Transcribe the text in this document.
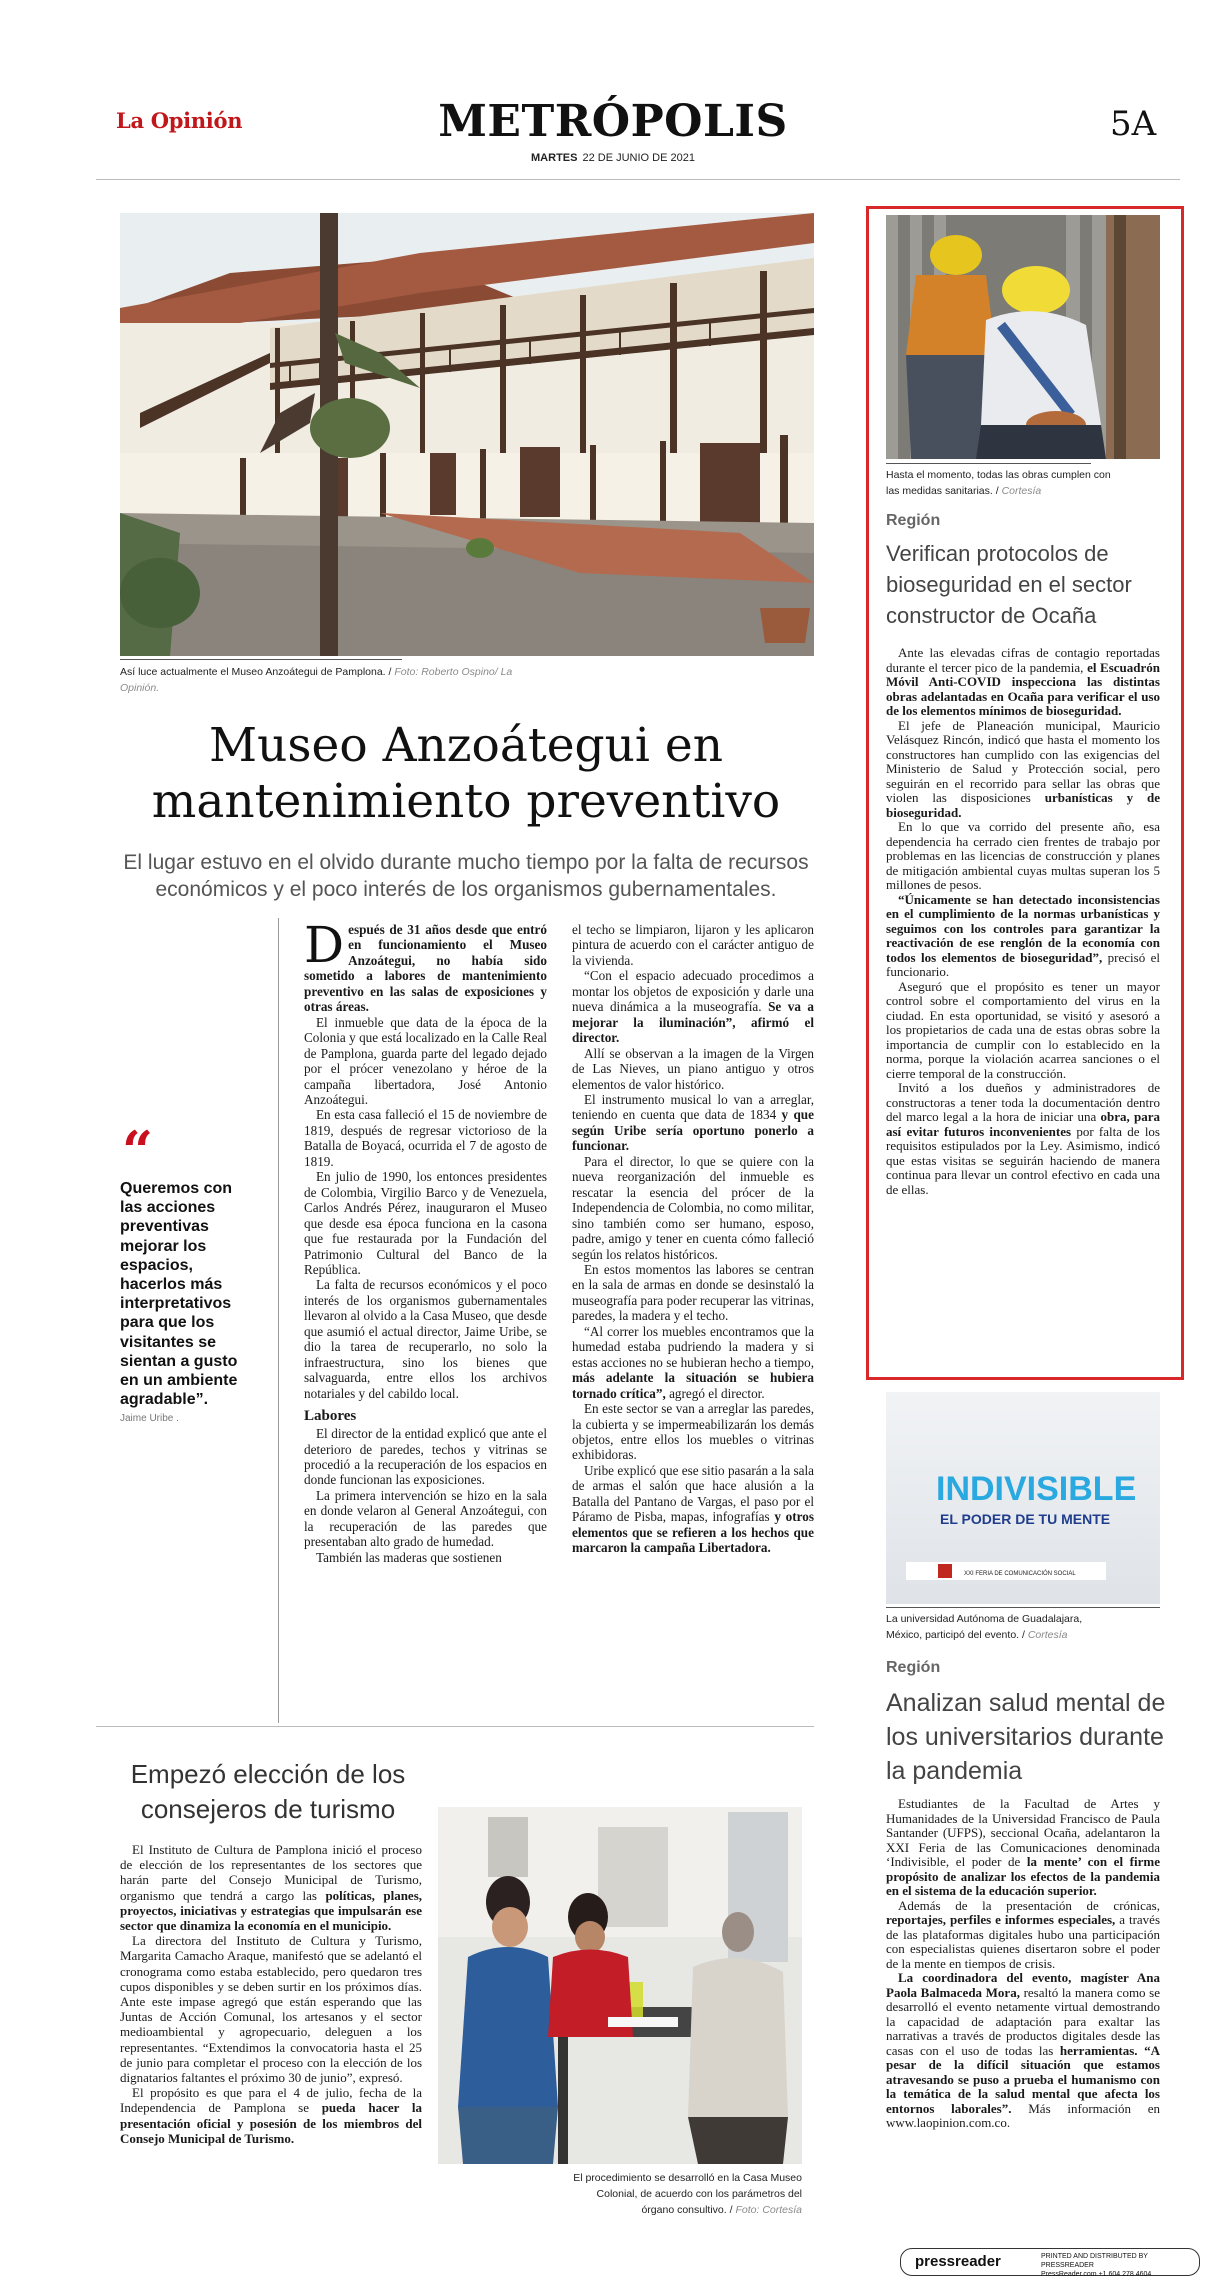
La Opinión	METRÓPOLIS	5A
MARTES 22 DE JUNIO DE 2021
Así luce actualmente el Museo Anzoátegui de Pamplona. / Foto: Roberto Ospino/ La Opinión.
Museo Anzoátegui en mantenimiento preventivo
El lugar estuvo en el olvido durante mucho tiempo por la falta de recursos económicos y el poco interés de los organismos gubernamentales.
“
Queremos con las acciones preventivas mejorar los espacios, hacerlos más interpretativos para que los visitantes se sientan a gusto en un ambiente agradable”.
Jaime Uribe .

Después de 31 años desde que entró en funcionamiento el Museo Anzoátegui, no había sido sometido a labores de mantenimiento preventivo en las salas de exposiciones y otras áreas.

El inmueble que data de la época de la Colonia y que está localizado en la Calle Real de Pamplona, guarda parte del legado dejado por el prócer venezolano y héroe de la campaña libertadora, José Antonio Anzoátegui.

En esta casa falleció el 15 de noviembre de 1819, después de regresar victorioso de la Batalla de Boyacá, ocurrida el 7 de agosto de 1819.

En julio de 1990, los entonces presidentes de Colombia, Virgilio Barco y de Venezuela, Carlos Andrés Pérez, inauguraron el Museo que desde esa época funciona en la casona que fue restaurada por la Fundación del Patrimonio Cultural del Banco de la República.

La falta de recursos económicos y el poco interés de los organismos gubernamentales llevaron al olvido a la Casa Museo, que desde que asumió el actual director, Jaime Uribe, se dio la tarea de recuperarlo, no solo la infraestructura, sino los bienes que salvaguarda, entre ellos los archivos notariales y del cabildo local.

Labores

El director de la entidad explicó que ante el deterioro de paredes, techos y vitrinas se procedió a la recuperación de los espacios en donde funcionan las exposiciones.

La primera intervención se hizo en la sala en donde velaron al General Anzoátegui, con la recuperación de las paredes que presentaban alto grado de humedad.

También las maderas que sostienen

el techo se limpiaron, lijaron y les aplicaron pintura de acuerdo con el carácter antiguo de la vivienda.

“Con el espacio adecuado procedimos a montar los objetos de exposición y darle una nueva dinámica a la museografía. Se va a mejorar la iluminación”, afirmó el director.

Allí se observan a la imagen de la Virgen de Las Nieves, un piano antiguo y otros elementos de valor histórico.

El instrumento musical lo van a arreglar, teniendo en cuenta que data de 1834 y que según Uribe sería oportuno ponerlo a funcionar.

Para el director, lo que se quiere con la nueva reorganización del inmueble es rescatar la esencia del prócer de la Independencia de Colombia, no como militar, sino también como ser humano, esposo, padre, amigo y tener en cuenta cómo falleció según los relatos históricos.

En estos momentos las labores se centran en la sala de armas en donde se desinstaló la museografía para poder recuperar las vitrinas, paredes, la madera y el techo.

“Al correr los muebles encontramos que la humedad estaba pudriendo la madera y si estas acciones no se hubieran hecho a tiempo, más adelante la situación se hubiera tornado crítica”, agregó el director.

En este sector se van a arreglar las paredes, la cubierta y se impermeabilizarán los demás objetos, entre ellos los muebles o vitrinas exhibidoras.

Uribe explicó que ese sitio pasarán a la sala de armas el salón que hace alusión a la Batalla del Pantano de Vargas, el paso por el Páramo de Pisba, mapas, infografías y otros elementos que se refieren a los hechos que marcaron la campaña Libertadora.

Empezó elección de los consejeros de turismo

El Instituto de Cultura de Pamplona inició el proceso de elección de los representantes de los sectores que harán parte del Consejo Municipal de Turismo, organismo que tendrá a cargo las políticas, planes, proyectos, iniciativas y estrategias que impulsarán ese sector que dinamiza la economía en el municipio.

La directora del Instituto de Cultura y Turismo, Margarita Camacho Araque, manifestó que se adelantó el cronograma como estaba establecido, pero quedaron tres cupos disponibles y se deben surtir en los próximos días. Ante este impase agregó que están esperando que las Juntas de Acción Comunal, los artesanos y el sector medioambiental y agropecuario, deleguen a los representantes. “Extendimos la convocatoria hasta el 25 de junio para completar el proceso con la elección de los dignatarios faltantes el próximo 30 de junio”, expresó.

El propósito es que para el 4 de julio, fecha de la Independencia de Pamplona se pueda hacer la presentación oficial y posesión de los miembros del Consejo Municipal de Turismo.

El procedimiento se desarrolló en la Casa Museo Colonial, de acuerdo con los parámetros del órgano consultivo. / Foto: Cortesía
Hasta el momento, todas las obras cumplen con las medidas sanitarias. / Cortesía
Región
Verifican protocolos de bioseguridad en el sector constructor de Ocaña

Ante las elevadas cifras de contagio reportadas durante el tercer pico de la pandemia, el Escuadrón Móvil Anti-COVID inspecciona las distintas obras adelantadas en Ocaña para verificar el uso de los elementos mínimos de bioseguridad.

El jefe de Planeación municipal, Mauricio Velásquez Rincón, indicó que hasta el momento los constructores han cumplido con las exigencias del Ministerio de Salud y Protección social, pero seguirán en el recorrido para sellar las obras que violen las disposiciones urbanísticas y de bioseguridad.

En lo que va corrido del presente año, esa dependencia ha cerrado cien frentes de trabajo por problemas en las licencias de construcción y planes de mitigación ambiental cuyas multas superan los 5 millones de pesos.

“Únicamente se han detectado inconsistencias en el cumplimiento de la normas urbanísticas y seguimos con los controles para garantizar la reactivación de ese renglón de la economía con todos los elementos de bioseguridad”, precisó el funcionario.

Aseguró que el propósito es tener un mayor control sobre el comportamiento del virus en la ciudad. En esta oportunidad, se visitó y asesoró a los propietarios de cada una de estas obras sobre la importancia de cumplir con lo establecido en la norma, porque la violación acarrea sanciones o el cierre temporal de la construcción.

Invitó a los dueños y administradores de constructoras a tener toda la documentación dentro del marco legal a la hora de iniciar una obra, para así evitar futuros inconvenientes por falta de los requisitos estipulados por la Ley. Asimismo, indicó que estas visitas se seguirán haciendo de manera continua para llevar un control efectivo en cada una de ellas.

INDIVISIBLE
EL PODER DE TU MENTE
XXI FERIA DE COMUNICACIÓN SOCIAL
La universidad Autónoma de Guadalajara, México, participó del evento. / Cortesía
Región
Analizan salud mental de los universitarios durante la pandemia

Estudiantes de la Facultad de Artes y Humanidades de la Universidad Francisco de Paula Santander (UFPS), seccional Ocaña, adelantaron la XXI Feria de las Comunicaciones denominada ‘Indivisible, el poder de la mente’ con el firme propósito de analizar los efectos de la pandemia en el sistema de la educación superior.

Además de la presentación de crónicas, reportajes, perfiles e informes especiales, a través de las plataformas digitales hubo una participación con especialistas quienes disertaron sobre el poder de la mente en tiempos de crisis.

La coordinadora del evento, magíster Ana Paola Balmaceda Mora, resaltó la manera como se desarrolló el evento netamente virtual demostrando la capacidad de adaptación para exaltar las narrativas a través de productos digitales desde las casas con el uso de todas las herramientas. “A pesar de la difícil situación que estamos atravesando se puso a prueba el humanismo con la temática de la salud mental que afecta los entornos laborales”. Más información en www.laopinion.com.co.

pressreader	PRINTED AND DISTRIBUTED BY PRESSREADER
PressReader.com +1 604 278 4604
